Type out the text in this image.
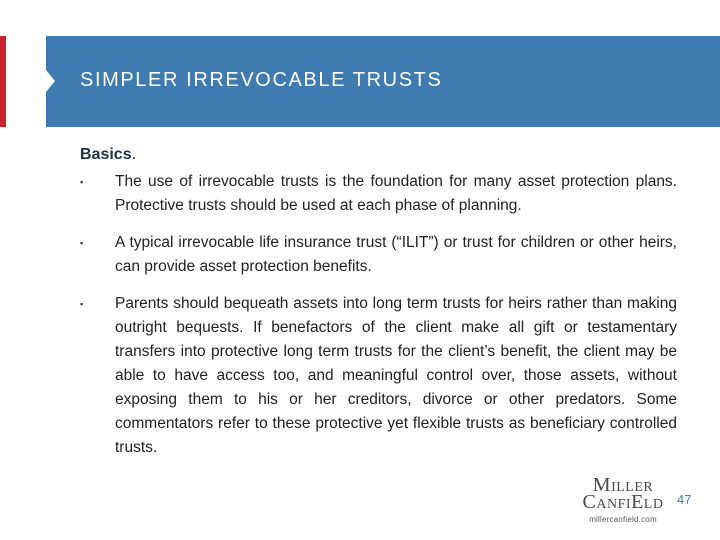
SIMPLER IRREVOCABLE TRUSTS
Basics.
▪	The use of irrevocable trusts is the foundation for many asset protection plans. Protective trusts should be used at each phase of planning.
▪	A typical irrevocable life insurance trust (“ILIT”) or trust for children or other heirs, can provide asset protection benefits.
▪	Parents should bequeath assets into long term trusts for heirs rather than making outright bequests. If benefactors of the client make all gift or testamentary transfers into protective long term trusts for the client’s benefit, the client may be able to have access too, and meaningful control over, those assets, without exposing them to his or her creditors, divorce or other predators. Some commentators refer to these protective yet flexible trusts as beneficiary controlled trusts.
MILLER
CANFIELD
millercanfield.com
47
